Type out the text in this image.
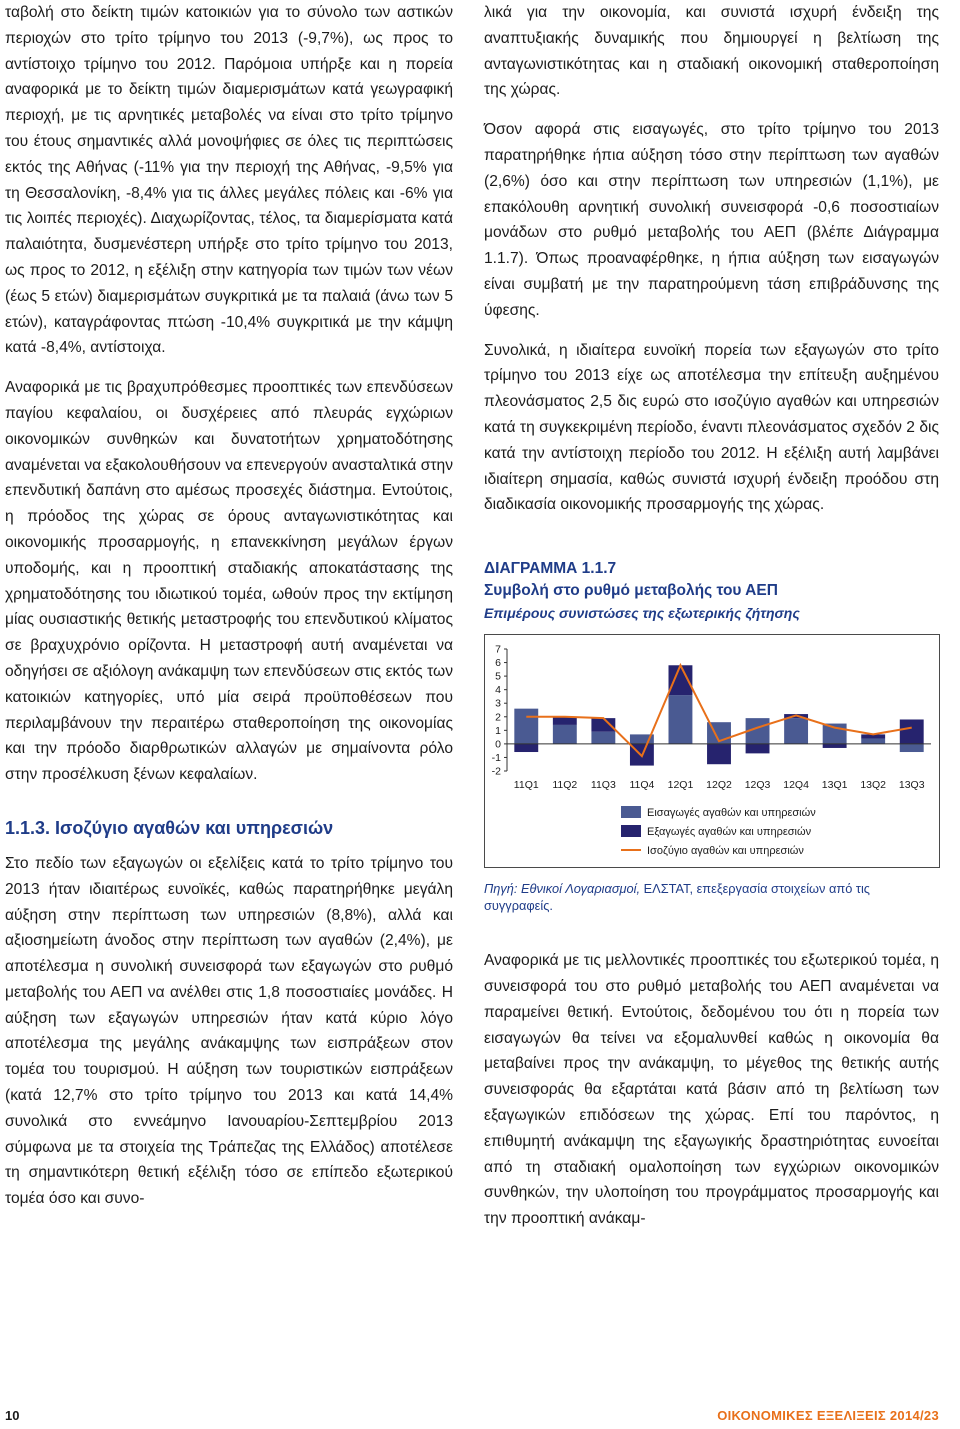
ταβολή στο δείκτη τιμών κατοικιών για το σύνολο των αστικών περιοχών στο τρίτο τρίμηνο του 2013 (-9,7%), ως προς το αντίστοιχο τρίμηνο του 2012. Παρόμοια υπήρξε και η πορεία αναφορικά με το δείκτη τιμών διαμερισμάτων κατά γεωγραφική περιοχή, με τις αρνητικές μεταβολές να είναι στο τρίτο τρίμηνο του έτους σημαντικές αλλά μονοψήφιες σε όλες τις περιπτώσεις εκτός της Αθήνας (-11% για την περιοχή της Αθήνας, -9,5% για τη Θεσσαλονίκη, -8,4% για τις άλλες μεγάλες πόλεις και -6% για τις λοιπές περιοχές). Διαχωρίζοντας, τέλος, τα διαμερίσματα κατά παλαιότητα, δυσμενέστερη υπήρξε στο τρίτο τρίμηνο του 2013, ως προς το 2012, η εξέλιξη στην κατηγορία των τιμών των νέων (έως 5 ετών) διαμερισμάτων συγκριτικά με τα παλαιά (άνω των 5 ετών), καταγράφοντας πτώση -10,4% συγκριτικά με την κάμψη κατά -8,4%, αντίστοιχα.

Αναφορικά με τις βραχυπρόθεσμες προοπτικές των επενδύσεων παγίου κεφαλαίου, οι δυσχέρειες από πλευράς εγχώριων οικονομικών συνθηκών και δυνατοτήτων χρηματοδότησης αναμένεται να εξακολουθήσουν να επενεργούν ανασταλτικά στην επενδυτική δαπάνη στο αμέσως προσεχές διάστημα. Εντούτοις, η πρόοδος της χώρας σε όρους ανταγωνιστικότητας και οικονομικής προσαρμογής, η επανεκκίνηση μεγάλων έργων υποδομής, και η προοπτική σταδιακής αποκατάστασης της χρηματοδότησης του ιδιωτικού τομέα, ωθούν προς την εκτίμηση μίας ουσιαστικής θετικής μεταστροφής του επενδυτικού κλίματος σε βραχυχρόνιο ορίζοντα. Η μεταστροφή αυτή αναμένεται να οδηγήσει σε αξιόλογη ανάκαμψη των επενδύσεων στις εκτός των κατοικιών κατηγορίες, υπό μία σειρά προϋποθέσεων που περιλαμβάνουν την περαιτέρω σταθεροποίηση της οικονομίας και την πρόοδο διαρθρωτικών αλλαγών με σημαίνοντα ρόλο στην προσέλκυση ξένων κεφαλαίων.

1.1.3. Ισοζύγιο αγαθών και υπηρεσιών

Στο πεδίο των εξαγωγών οι εξελίξεις κατά το τρίτο τρίμηνο του 2013 ήταν ιδιαιτέρως ευνοϊκές, καθώς παρατηρήθηκε μεγάλη αύξηση στην περίπτωση των υπηρεσιών (8,8%), αλλά και αξιοσημείωτη άνοδος στην περίπτωση των αγαθών (2,4%), με αποτέλεσμα η συνολική συνεισφορά των εξαγωγών στο ρυθμό μεταβολής του ΑΕΠ να ανέλθει στις 1,8 ποσοστιαίες μονάδες. Η αύξηση των εξαγωγών υπηρεσιών ήταν κατά κύριο λόγο αποτέλεσμα της μεγάλης ανάκαμψης των εισπράξεων στον τομέα του τουρισμού. Η αύξηση των τουριστικών εισπράξεων (κατά 12,7% στο τρίτο τρίμηνο του 2013 και κατά 14,4% συνολικά στο εννεάμηνο Ιανουαρίου-Σεπτεμβρίου 2013 σύμφωνα με τα στοιχεία της Τράπεζας της Ελλάδος) αποτέλεσε τη σημαντικότερη θετική εξέλιξη τόσο σε επίπεδο εξωτερικού τομέα όσο και συνο-

λικά για την οικονομία, και συνιστά ισχυρή ένδειξη της αναπτυξιακής δυναμικής που δημιουργεί η βελτίωση της ανταγωνιστικότητας και η σταδιακή οικονομική σταθεροποίηση της χώρας.

Όσον αφορά στις εισαγωγές, στο τρίτο τρίμηνο του 2013 παρατηρήθηκε ήπια αύξηση τόσο στην περίπτωση των αγαθών (2,6%) όσο και στην περίπτωση των υπηρεσιών (1,1%), με επακόλουθη αρνητική συνολική συνεισφορά -0,6 ποσοστιαίων μονάδων στο ρυθμό μεταβολής του ΑΕΠ (βλέπε Διάγραμμα 1.1.7). Όπως προαναφέρθηκε, η ήπια αύξηση των εισαγωγών είναι συμβατή με την παρατηρούμενη τάση επιβράδυνσης της ύφεσης.

Συνολικά, η ιδιαίτερα ευνοϊκή πορεία των εξαγωγών στο τρίτο τρίμηνο του 2013 είχε ως αποτέλεσμα την επίτευξη αυξημένου πλεονάσματος 2,5 δις ευρώ στο ισοζύγιο αγαθών και υπηρεσιών κατά τη συγκεκριμένη περίοδο, έναντι πλεονάσματος σχεδόν 2 δις κατά την αντίστοιχη περίοδο του 2012. Η εξέλιξη αυτή λαμβάνει ιδιαίτερη σημασία, καθώς συνιστά ισχυρή ένδειξη προόδου στη διαδικασία οικονομικής προσαρμογής της χώρας.

ΔΙΑΓΡΑΜΜΑ 1.1.7

Συμβολή στο ρυθμό μεταβολής του ΑΕΠ

Επιμέρους συνιστώσες της εξωτερικής ζήτησης

7
6
5
4
3
2
1
0
-1
-2
11Q1 11Q2 11Q3 11Q4 12Q1 12Q2 12Q3 12Q4 13Q1 13Q2 13Q3
Εισαγωγές αγαθών και υπηρεσιών
Εξαγωγές αγαθών και υπηρεσιών
Ισοζύγιο αγαθών και υπηρεσιών

Πηγή: Εθνικοί Λογαριασμοί, ΕΛΣΤΑΤ, επεξεργασία στοιχείων από τις συγγραφείς.

Αναφορικά με τις μελλοντικές προοπτικές του εξωτερικού τομέα, η συνεισφορά του στο ρυθμό μεταβολής του ΑΕΠ αναμένεται να παραμείνει θετική. Εντούτοις, δεδομένου του ότι η πορεία των εισαγωγών θα τείνει να εξομαλυνθεί καθώς η οικονομία θα μεταβαίνει προς την ανάκαμψη, το μέγεθος της θετικής αυτής συνεισφοράς θα εξαρτάται κατά βάσιν από τη βελτίωση των εξαγωγικών επιδόσεων της χώρας. Επί του παρόντος, η επιθυμητή ανάκαμψη της εξαγωγικής δραστηριότητας ευνοείται από τη σταδιακή ομαλοποίηση των εγχώριων οικονομικών συνθηκών, την υλοποίηση του προγράμματος προσαρμογής και την προοπτική ανάκαμ-

10	ΟΙΚΟΝΟΜΙΚΕΣ ΕΞΕΛΙΞΕΙΣ 2014/23
